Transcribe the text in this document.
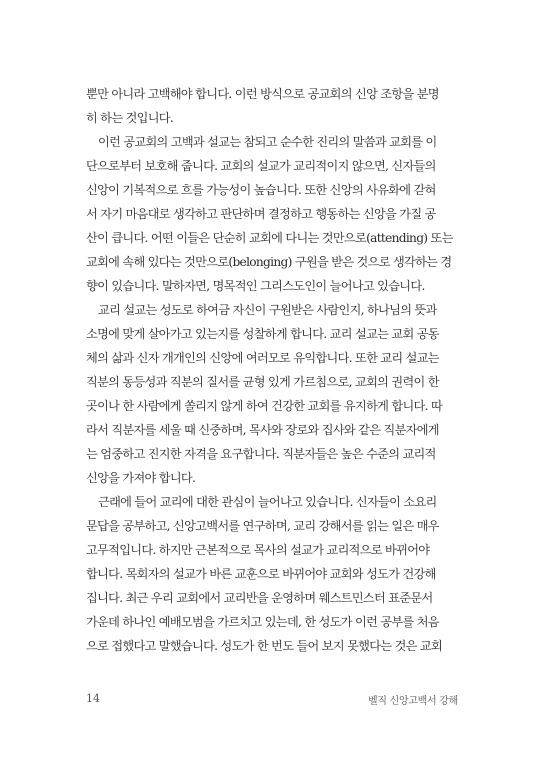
뿐만 아니라 고백해야 합니다. 이런 방식으로 공교회의 신앙 조항을 분명
히 하는 것입니다.
이런 공교회의 고백과 설교는 참되고 순수한 진리의 말씀과 교회를 이
단으로부터 보호해 줍니다. 교회의 설교가 교리적이지 않으면, 신자들의
신앙이 기복적으로 흐를 가능성이 높습니다. 또한 신앙의 사유화에 갇혀
서 자기 마음대로 생각하고 판단하며 결정하고 행동하는 신앙을 가질 공
산이 큽니다. 어떤 이들은 단순히 교회에 다니는 것만으로(attending) 또는
교회에 속해 있다는 것만으로(belonging) 구원을 받은 것으로 생각하는 경
향이 있습니다. 말하자면, 명목적인 그리스도인이 늘어나고 있습니다.
교리 설교는 성도로 하여금 자신이 구원받은 사람인지, 하나님의 뜻과
소명에 맞게 살아가고 있는지를 성찰하게 합니다. 교리 설교는 교회 공동
체의 삶과 신자 개개인의 신앙에 여러모로 유익합니다. 또한 교리 설교는
직분의 동등성과 직분의 질서를 균형 있게 가르침으로, 교회의 권력이 한
곳이나 한 사람에게 쏠리지 않게 하여 건강한 교회를 유지하게 합니다. 따
라서 직분자를 세울 때 신중하며, 목사와 장로와 집사와 같은 직분자에게
는 엄중하고 진지한 자격을 요구합니다. 직분자들은 높은 수준의 교리적
신앙을 가져야 합니다.
근래에 들어 교리에 대한 관심이 늘어나고 있습니다. 신자들이 소요리
문답을 공부하고, 신앙고백서를 연구하며, 교리 강해서를 읽는 일은 매우
고무적입니다. 하지만 근본적으로 목사의 설교가 교리적으로 바뀌어야
합니다. 목회자의 설교가 바른 교훈으로 바뀌어야 교회와 성도가 건강해
집니다. 최근 우리 교회에서 교리반을 운영하며 웨스트민스터 표준문서
가운데 하나인 예배모범을 가르치고 있는데, 한 성도가 이런 공부를 처음
으로 접했다고 말했습니다. 성도가 한 번도 들어 보지 못했다는 것은 교회
14	벨직 신앙고백서 강해
